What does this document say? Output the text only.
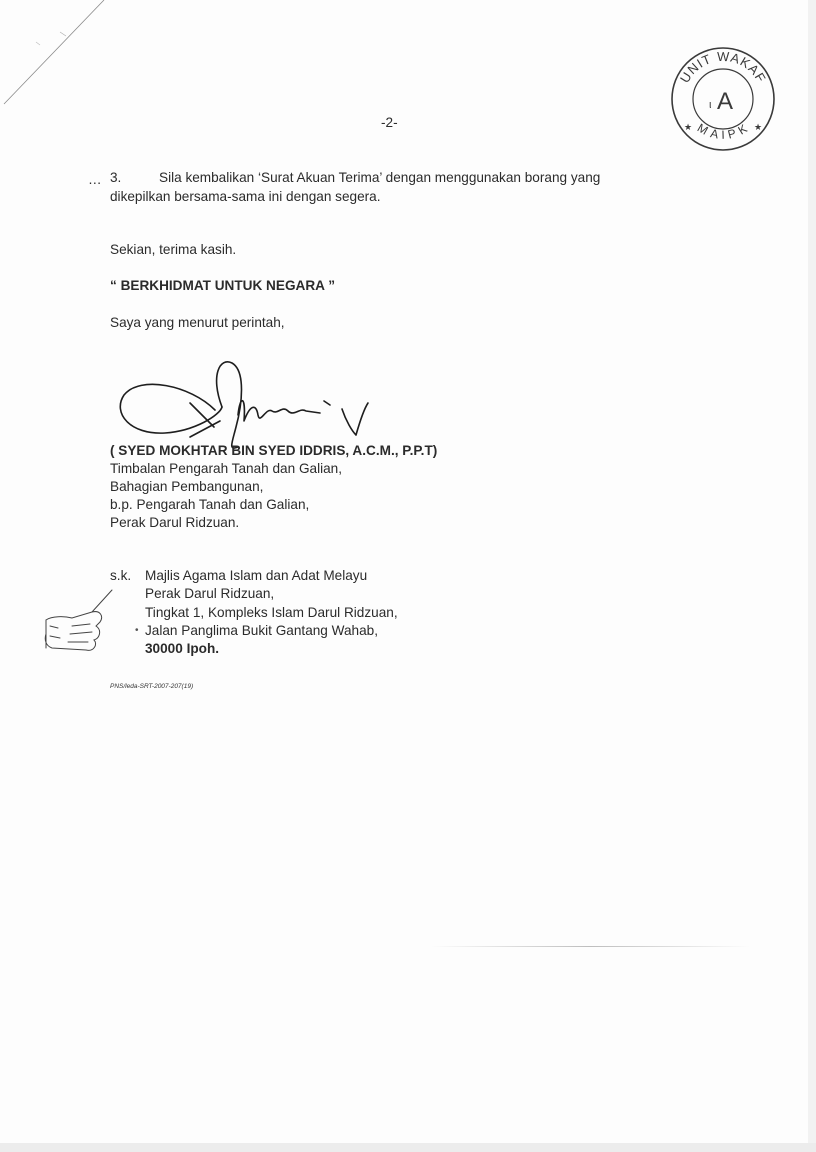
UNIT WAKAF
MAIPK
A
ι
★	★
-2-
… 3.	Sila kembalikan ‘Surat Akuan Terima’ dengan menggunakan borang yang
dikepilkan bersama-sama ini dengan segera.
Sekian, terima kasih.
“ BERKHIDMAT UNTUK NEGARA ”
Saya yang menurut perintah,
( SYED MOKHTAR BIN SYED IDDRIS, A.C.M., P.P.T)
Timbalan Pengarah Tanah dan Galian,
Bahagian Pembangunan,
b.p. Pengarah Tanah dan Galian,
Perak Darul Ridzuan.
s.k. Majlis Agama Islam dan Adat Melayu
Perak Darul Ridzuan,
Tingkat 1, Kompleks Islam Darul Ridzuan,
• Jalan Panglima Bukit Gantang Wahab,
30000 Ipoh.
PNS/leda-SRT-2007-207(19)
